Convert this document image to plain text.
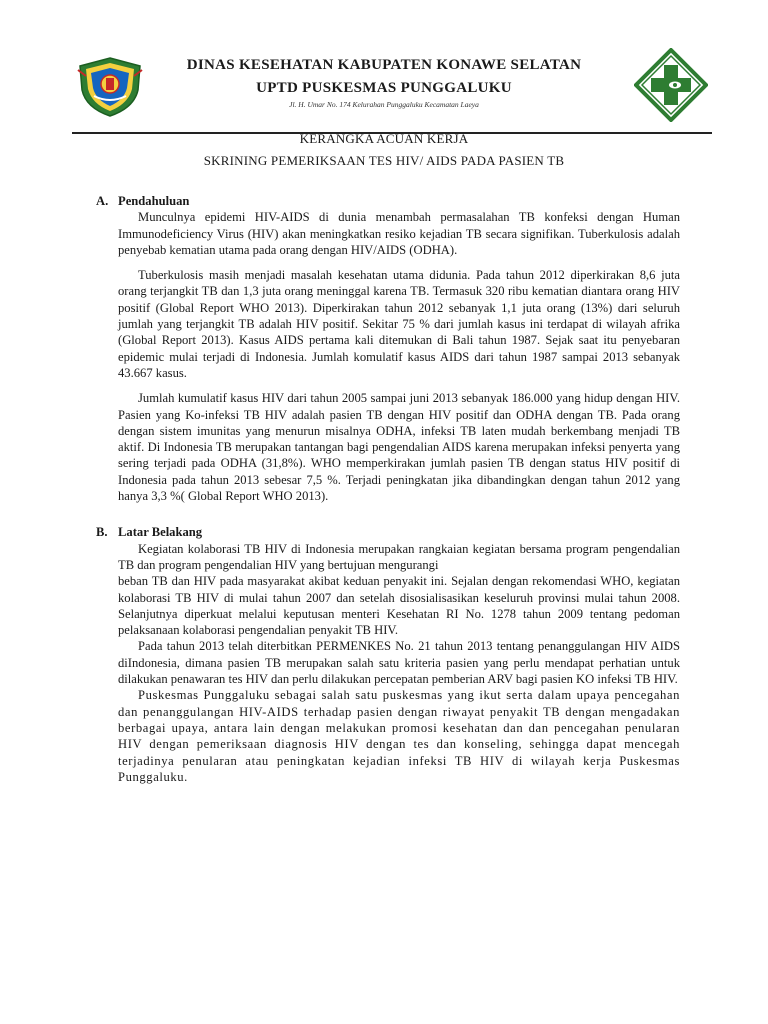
DINAS KESEHATAN KABUPATEN KONAWE SELATAN
UPTD PUSKESMAS PUNGGALUKU
Jl. H. Umar No. 174 Kelurahan Punggaluku Kecamatan Laeya
KERANGKA ACUAN KERJA
SKRINING PEMERIKSAAN TES HIV/ AIDS PADA PASIEN TB
A. Pendahuluan

Munculnya epidemi HIV-AIDS di dunia menambah permasalahan TB konfeksi dengan Human Immunodeficiency Virus (HIV) akan meningkatkan resiko kejadian TB secara signifikan. Tuberkulosis adalah penyebab kematian utama pada orang dengan HIV/AIDS (ODHA).

Tuberkulosis masih menjadi masalah kesehatan utama didunia. Pada tahun 2012 diperkirakan 8,6 juta orang terjangkit TB dan 1,3 juta orang meninggal karena TB. Termasuk 320 ribu kematian diantara orang HIV positif (Global Report WHO 2013). Diperkirakan tahun 2012 sebanyak 1,1 juta orang (13%) dari seluruh jumlah yang terjangkit TB adalah HIV positif. Sekitar 75 % dari jumlah kasus ini terdapat di wilayah afrika (Global Report 2013). Kasus AIDS pertama kali ditemukan di Bali tahun 1987. Sejak saat itu penyebaran epidemic mulai terjadi di Indonesia. Jumlah komulatif kasus AIDS dari tahun 1987 sampai 2013 sebanyak 43.667 kasus.

Jumlah kumulatif kasus HIV dari tahun 2005 sampai juni 2013 sebanyak 186.000 yang hidup dengan HIV. Pasien yang Ko-infeksi TB HIV adalah pasien TB dengan HIV positif dan ODHA dengan TB. Pada orang dengan sistem imunitas yang menurun misalnya ODHA, infeksi TB laten mudah berkembang menjadi TB aktif. Di Indonesia TB merupakan tantangan bagi pengendalian AIDS karena merupakan infeksi penyerta yang sering terjadi pada ODHA (31,8%). WHO memperkirakan jumlah pasien TB dengan status HIV positif di Indonesia pada tahun 2013 sebesar 7,5 %. Terjadi peningkatan jika dibandingkan dengan tahun 2012 yang hanya 3,3 %( Global Report WHO 2013).

B. Latar Belakang

Kegiatan kolaborasi TB HIV di Indonesia merupakan rangkaian kegiatan bersama program pengendalian TB dan program pengendalian HIV yang bertujuan mengurangi

beban TB dan HIV pada masyarakat akibat keduan penyakit ini. Sejalan dengan rekomendasi WHO, kegiatan kolaborasi TB HIV di mulai tahun 2007 dan setelah disosialisasikan keseluruh provinsi mulai tahun 2008. Selanjutnya diperkuat melalui keputusan menteri Kesehatan RI No. 1278 tahun 2009 tentang pedoman pelaksanaan kolaborasi pengendalian penyakit TB HIV.

Pada tahun 2013 telah diterbitkan PERMENKES No. 21 tahun 2013 tentang penanggulangan HIV AIDS diIndonesia, dimana pasien TB merupakan salah satu kriteria pasien yang perlu mendapat perhatian untuk dilakukan penawaran tes HIV dan perlu dilakukan percepatan pemberian ARV bagi pasien KO infeksi TB HIV.

Puskesmas Punggaluku sebagai salah satu puskesmas yang ikut serta dalam upaya pencegahan dan penanggulangan HIV-AIDS terhadap pasien dengan riwayat penyakit TB dengan mengadakan berbagai upaya, antara lain dengan melakukan promosi kesehatan dan dan pencegahan penularan HIV dengan pemeriksaan diagnosis HIV dengan tes dan konseling, sehingga dapat mencegah terjadinya penularan atau peningkatan kejadian infeksi TB HIV di wilayah kerja Puskesmas Punggaluku.
